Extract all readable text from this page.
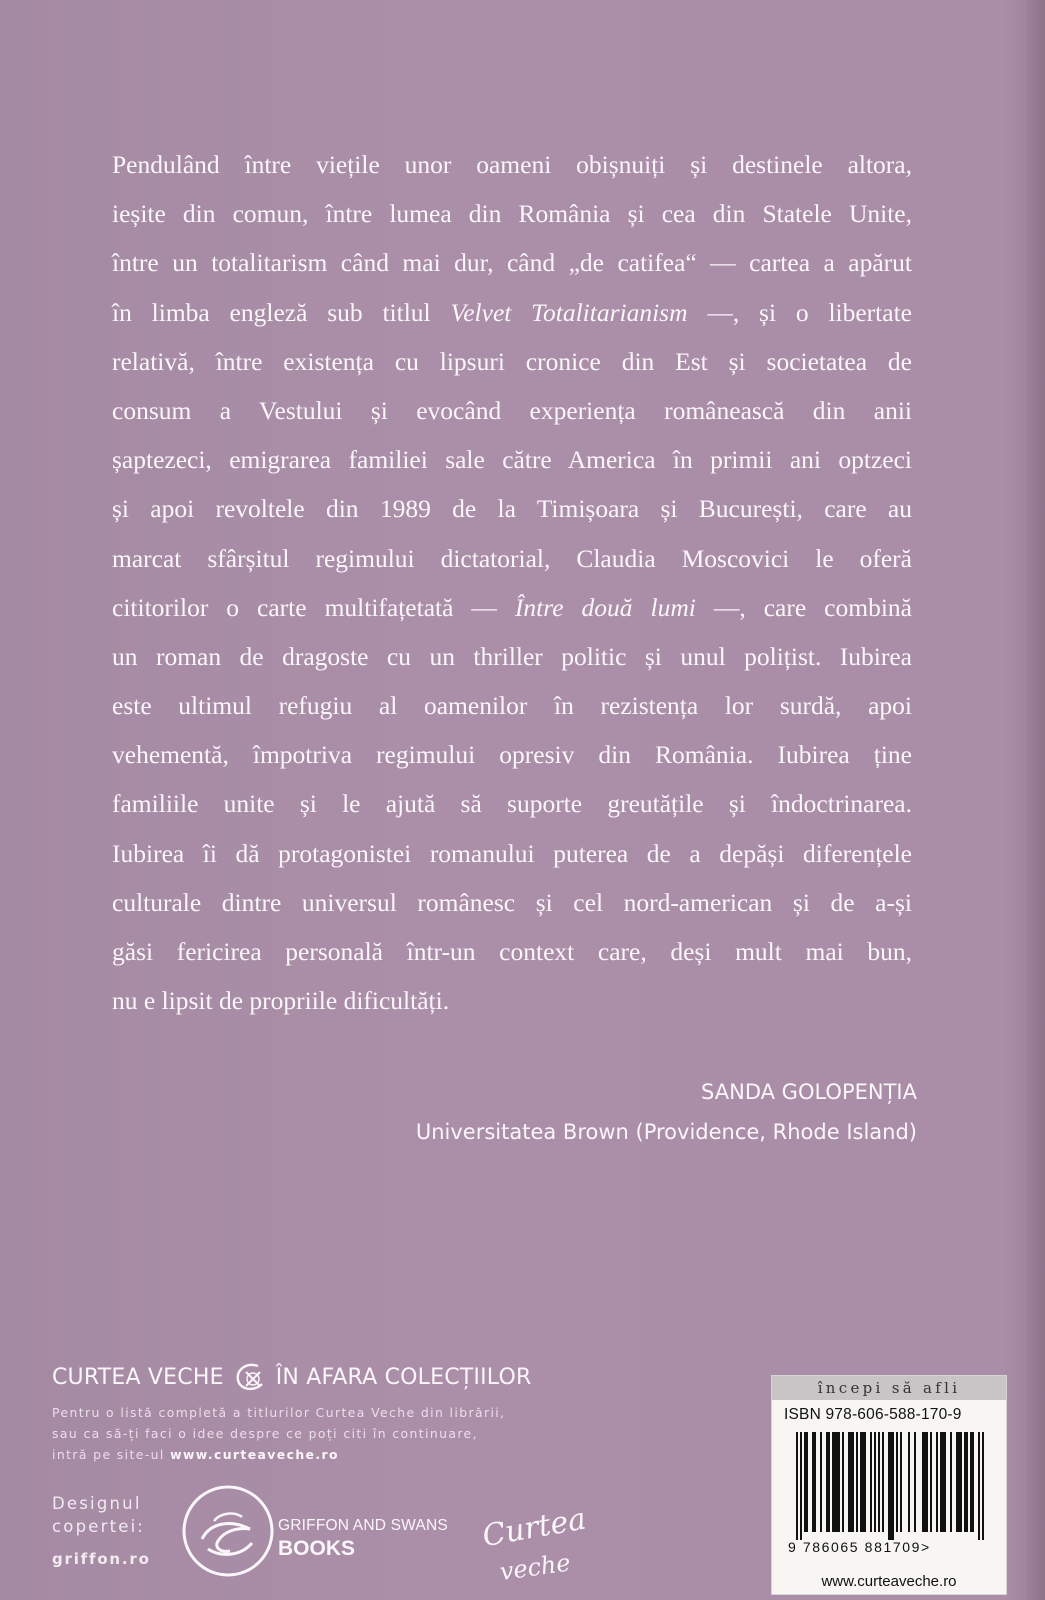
Pendulând între viețile unor oameni obișnuiți și destinele altora,
ieșite din comun, între lumea din România și cea din Statele Unite,
între un totalitarism când mai dur, când „de catifea“ — cartea a apărut
în limba engleză sub titlul Velvet Totalitarianism —, și o libertate
relativă, între existența cu lipsuri cronice din Est și societatea de
consum a Vestului și evocând experiența românească din anii
șaptezeci, emigrarea familiei sale către America în primii ani optzeci
și apoi revoltele din 1989 de la Timișoara și București, care au
marcat sfârșitul regimului dictatorial, Claudia Moscovici le oferă
cititorilor o carte multifațetată — Între două lumi —, care combină
un roman de dragoste cu un thriller politic și unul polițist. Iubirea
este ultimul refugiu al oamenilor în rezistența lor surdă, apoi
vehementă, împotriva regimului opresiv din România. Iubirea ține
familiile unite și le ajută să suporte greutățile și îndoctrinarea.
Iubirea îi dă protagonistei romanului puterea de a depăși diferențele
culturale dintre universul românesc și cel nord-american și de a-și
găsi fericirea personală într-un context care, deși mult mai bun,
nu e lipsit de propriile dificultăți.
SANDA GOLOPENȚIA
Universitatea Brown (Providence, Rhode Island)
CURTEA VECHE ÎN AFARA COLECȚIILOR
Pentru o listă completă a titlurilor Curtea Veche din librării,
sau ca să-ți faci o idee despre ce poți citi în continuare,
intră pe site-ul www.curteaveche.ro
Designul
copertei:
griffon.ro
GRIFFON AND SWANS
BOOKS	Curtea
veche
începi să afli
ISBN 978-606-588-170-9
9 786065 881709>
www.curteaveche.ro
